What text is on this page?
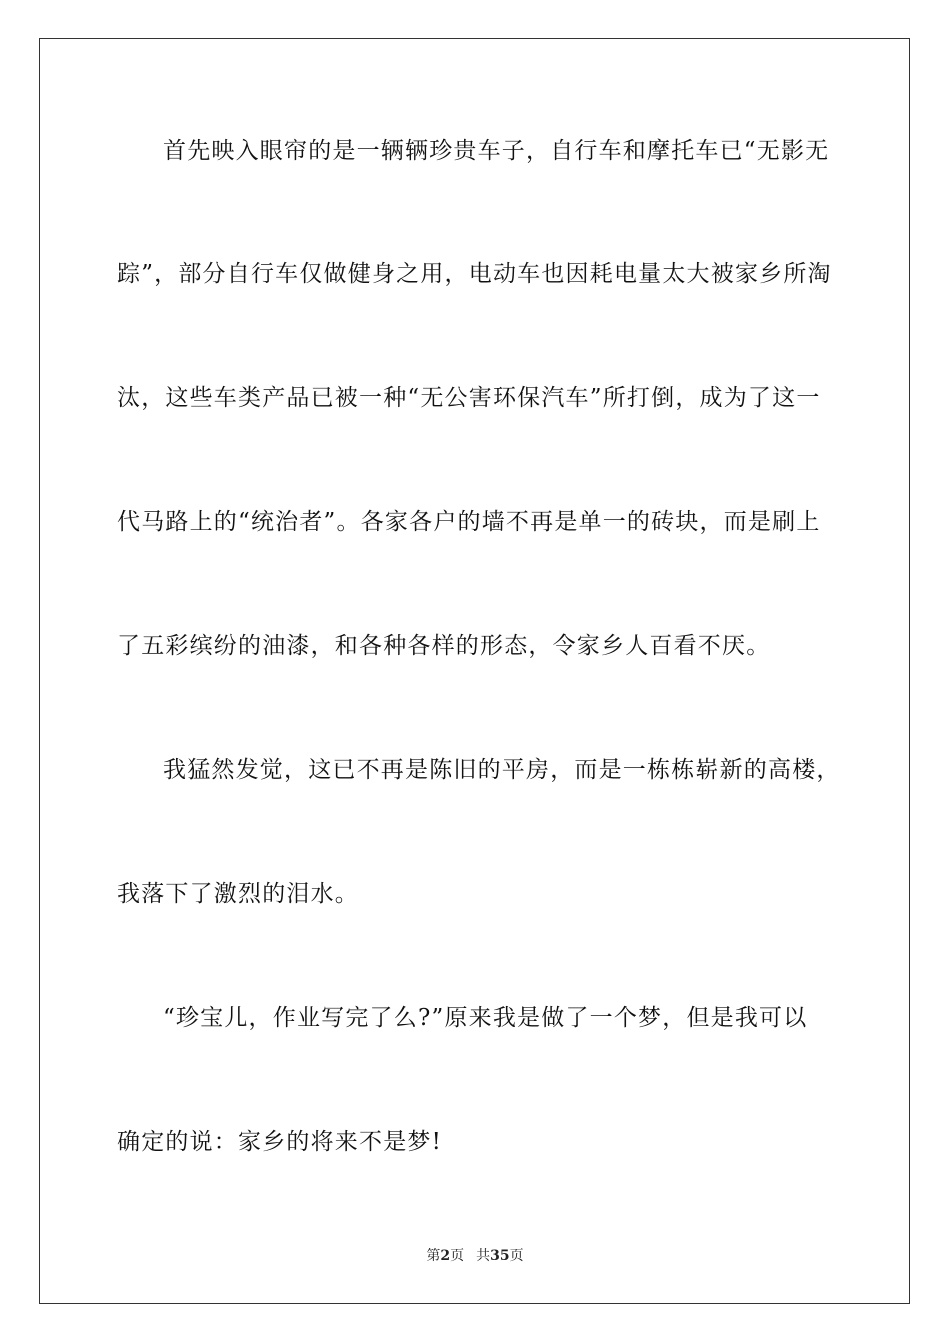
首先映入眼帘的是一辆辆珍贵车子，自行车和摩托车已“无影无
踪”，部分自行车仅做健身之用，电动车也因耗电量太大被家乡所淘
汰，这些车类产品已被一种“无公害环保汽车”所打倒，成为了这一
代马路上的“统治者”。各家各户的墙不再是单一的砖块，而是刷上
了五彩缤纷的油漆，和各种各样的形态，令家乡人百看不厌。
我猛然发觉，这已不再是陈旧的平房，而是一栋栋崭新的高楼，
我落下了激烈的泪水。
“珍宝儿，作业写完了么?”原来我是做了一个梦，但是我可以
确定的说：家乡的将来不是梦!
第2页 共35页
